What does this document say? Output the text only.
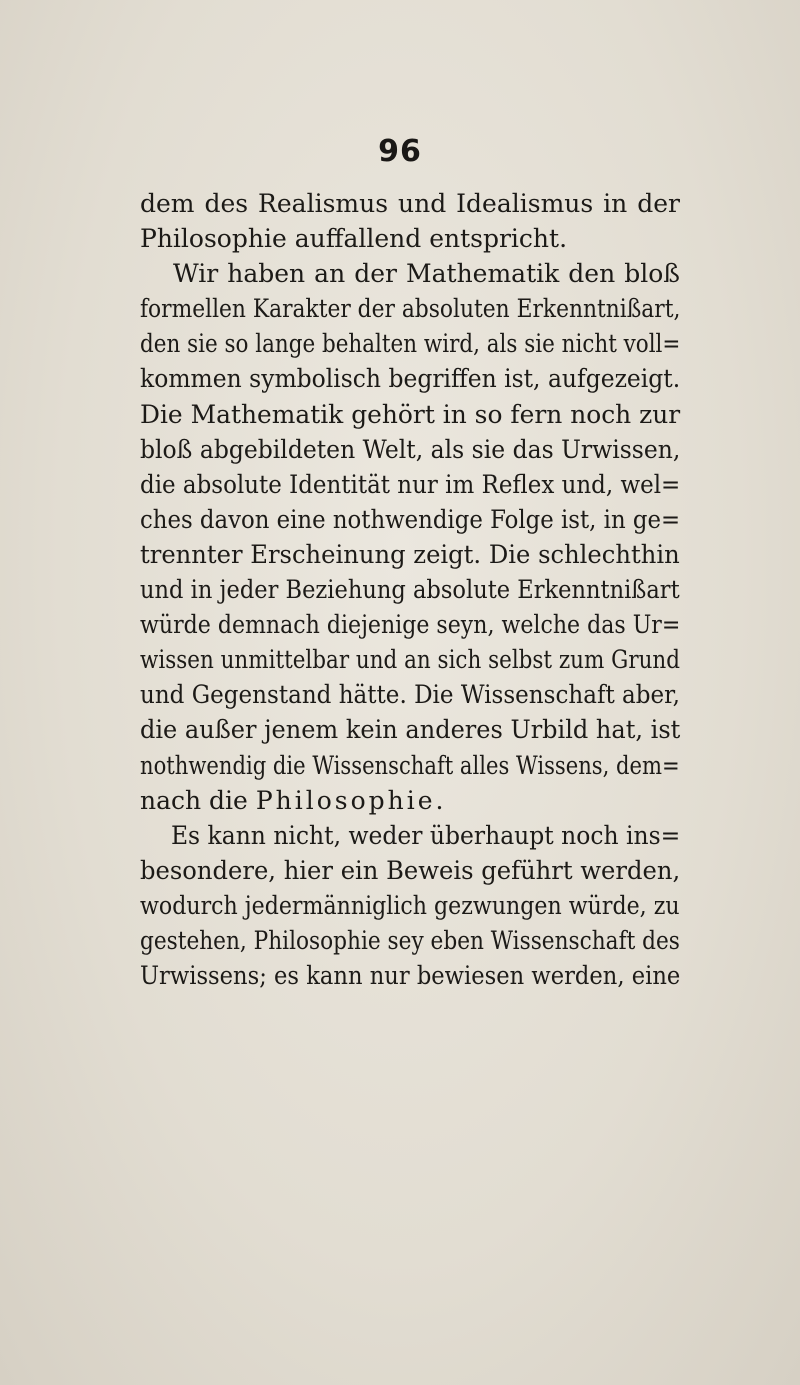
96
dem des Realismus und Idealismus in der
Philosophie auffallend entspricht.
Wir haben an der Mathematik den bloß
formellen Karakter der absoluten Erkenntnißart,
den sie so lange behalten wird, als sie nicht voll=
kommen symbolisch begriffen ist, aufgezeigt.
Die Mathematik gehört in so fern noch zur
bloß abgebildeten Welt, als sie das Urwissen,
die absolute Identität nur im Reflex und, wel=
ches davon eine nothwendige Folge ist, in ge=
trennter Erscheinung zeigt. Die schlechthin
und in jeder Beziehung absolute Erkenntnißart
würde demnach diejenige seyn, welche das Ur=
wissen unmittelbar und an sich selbst zum Grund
und Gegenstand hätte. Die Wissenschaft aber,
die außer jenem kein anderes Urbild hat, ist
nothwendig die Wissenschaft alles Wissens, dem=
nach die Philosophie.
Es kann nicht, weder überhaupt noch ins=
besondere, hier ein Beweis geführt werden,
wodurch jedermänniglich gezwungen würde, zu
gestehen, Philosophie sey eben Wissenschaft des
Urwissens; es kann nur bewiesen werden, eine
